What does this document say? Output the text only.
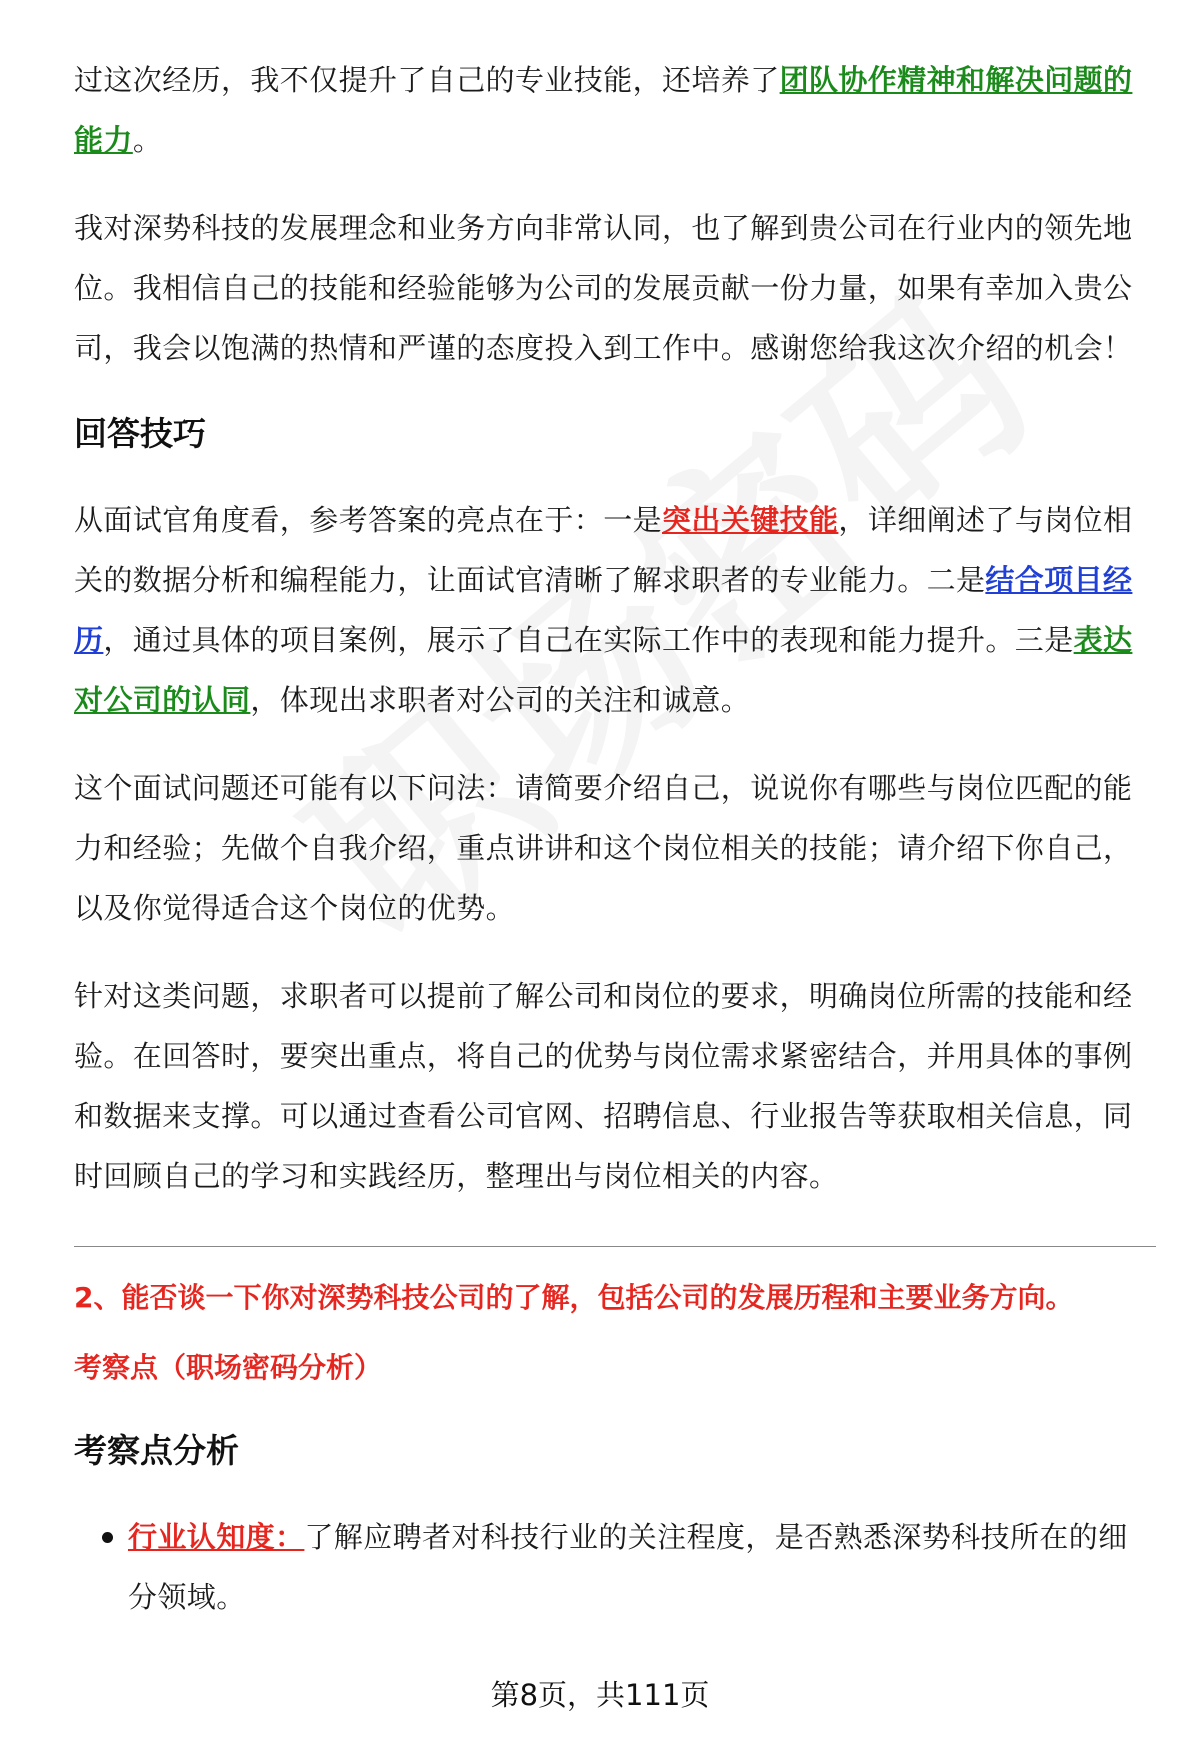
过这次经历，我不仅提升了自己的专业技能，还培养了团队协作精神和解决问题的能力。

我对深势科技的发展理念和业务方向非常认同，也了解到贵公司在行业内的领先地位。我相信自己的技能和经验能够为公司的发展贡献一份力量，如果有幸加入贵公司，我会以饱满的热情和严谨的态度投入到工作中。感谢您给我这次介绍的机会！

回答技巧

从面试官角度看，参考答案的亮点在于：一是突出关键技能，详细阐述了与岗位相关的数据分析和编程能力，让面试官清晰了解求职者的专业能力。二是结合项目经历，通过具体的项目案例，展示了自己在实际工作中的表现和能力提升。三是表达对公司的认同，体现出求职者对公司的关注和诚意。

这个面试问题还可能有以下问法：请简要介绍自己，说说你有哪些与岗位匹配的能力和经验；先做个自我介绍，重点讲讲和这个岗位相关的技能；请介绍下你自己，以及你觉得适合这个岗位的优势。

针对这类问题，求职者可以提前了解公司和岗位的要求，明确岗位所需的技能和经验。在回答时，要突出重点，将自己的优势与岗位需求紧密结合，并用具体的事例和数据来支撑。可以通过查看公司官网、招聘信息、行业报告等获取相关信息，同时回顾自己的学习和实践经历，整理出与岗位相关的内容。

2、能否谈一下你对深势科技公司的了解，包括公司的发展历程和主要业务方向。
考察点（职场密码分析）
考察点分析
行业认知度：了解应聘者对科技行业的关注程度，是否熟悉深势科技所在的细分领域。
第8页，共111页
